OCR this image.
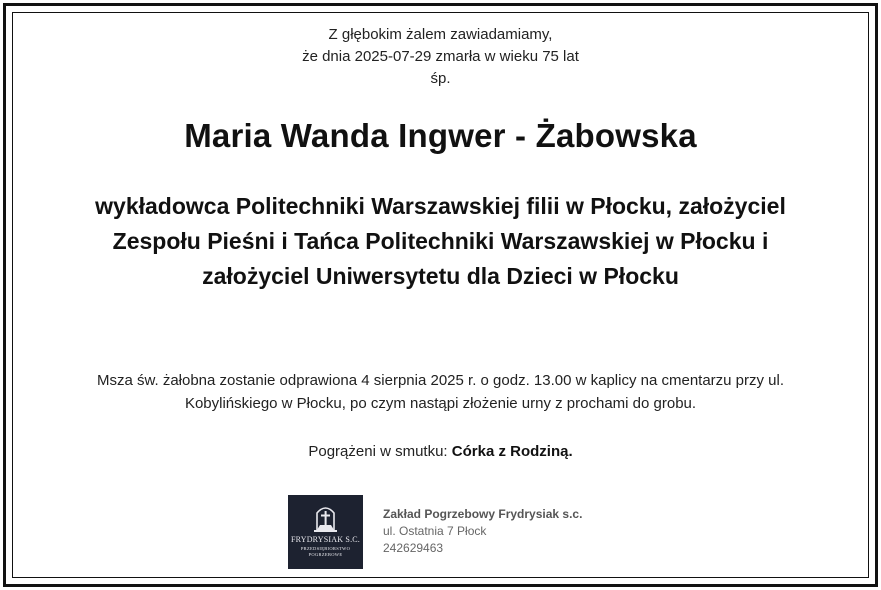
Z głębokim żalem zawiadamiamy,
że dnia 2025-07-29 zmarła w wieku 75 lat
śp.
Maria Wanda Ingwer - Żabowska
wykładowca Politechniki Warszawskiej filii w Płocku, założyciel
Zespołu Pieśni i Tańca Politechniki Warszawskiej w Płocku i
założyciel Uniwersytetu dla Dzieci w Płocku
Msza św. żałobna zostanie odprawiona 4 sierpnia 2025 r. o godz. 13.00 w kaplicy na cmentarzu przy ul.
Kobylińskiego w Płocku, po czym nastąpi złożenie urny z prochami do grobu.
Pogrążeni w smutku: Córka z Rodziną.
FRYDRYSIAK S.C.
PRZEDSIĘBIORSTWO
POGRZEBOWE
Zakład Pogrzebowy Frydrysiak s.c.
ul. Ostatnia 7 Płock
242629463
